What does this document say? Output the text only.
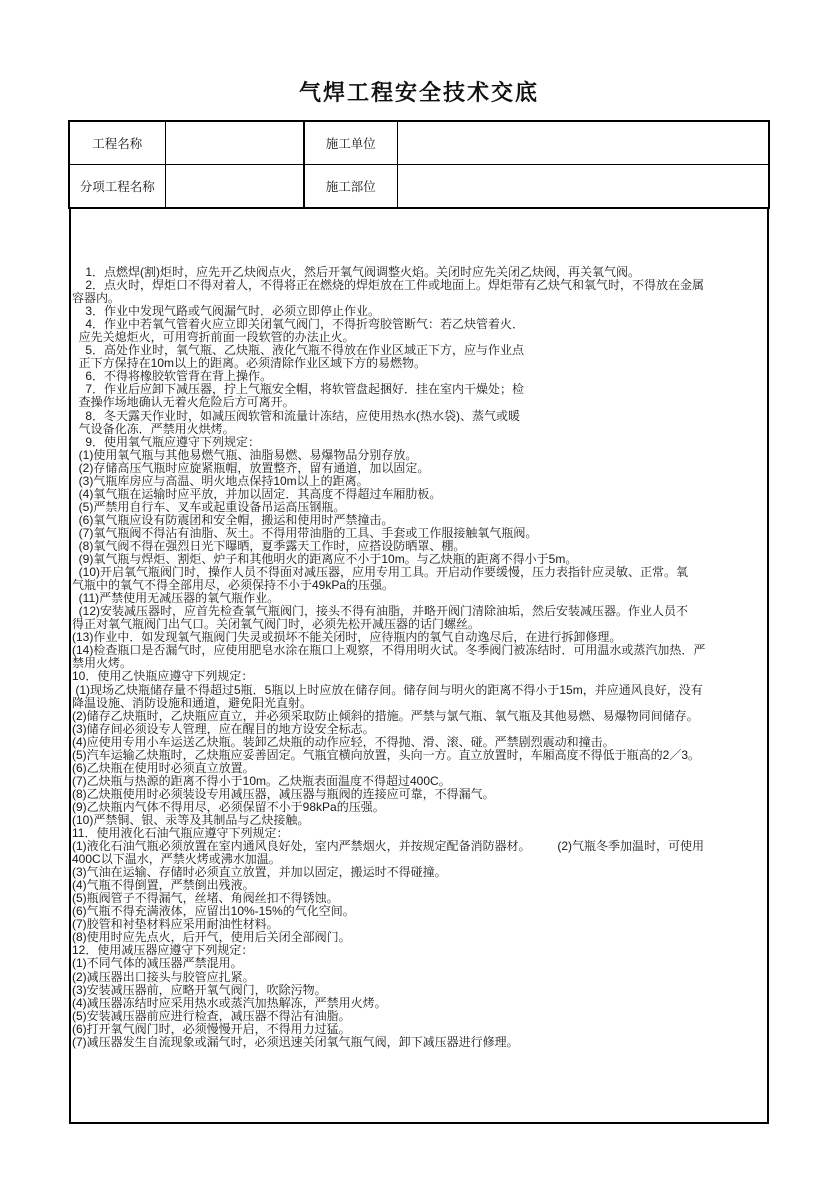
气焊工程安全技术交底
工程名称		施工单位	
分项工程名称		施工部位	
1．点燃焊(割)炬时，应先开乙炔阀点火，然后开氧气阀调整火焰。关闭时应先关闭乙炔阀，再关氧气阀。
2．点火时，焊炬口不得对着人，不得将正在燃烧的焊炬放在工件或地面上。焊炬带有乙炔气和氧气时，不得放在金属
容器内。
3．作业中发现气路或气阀漏气时．必须立即停止作业。
4．作业中若氧气管着火应立即关闭氧气阀门，不得折弯胶管断气：若乙炔管着火．
应先关熄炬火，可用弯折前面一段软管的办法止火。
5．高处作业时，氧气瓶、乙炔瓶、液化气瓶不得放在作业区域正下方，应与作业点
正下方保持在10m以上的距离。必须清除作业区域下方的易燃物。
6．不得将橡胶软管背在背上操作。
7．作业后应卸下减压器，拧上气瓶安全帽，将软管盘起捆好．挂在室内干燥处；检
查操作场地确认无着火危险后方可离开。
8．冬天露天作业时，如减压阀软管和流量计冻结，应使用热水(热水袋)、蒸气或暖
气设备化冻．严禁用火烘烤。
9．使用氧气瓶应遵守下列规定：
(1)使用氧气瓶与其他易燃气瓶、油脂易燃、易爆物品分别存放。
(2)存储高压气瓶时应旋紧瓶帽，放置整齐，留有通道，加以固定。
(3)气瓶库房应与高温、明火地点保持10m以上的距离。
(4)氧气瓶在运输时应平放，并加以固定．其高度不得超过车厢肋板。
(5)严禁用自行车、叉车或起重设备吊运高压钢瓶。
(6)氧气瓶应设有防震团和安全帽，搬运和使用时严禁撞击。
(7)氧气瓶阀不得沾有油脂、灰土。不得用带油脂的工具、手套或工作服接触氧气瓶阀。
(8)氧气阀不得在强烈日光下曝晒，夏季露天工作时，应搭设防晒罩、棚。
(9)氧气瓶与焊炬、割炬、炉子和其他明火的距离应不小于10m。与乙炔瓶的距离不得小于5m。
(10)开启氧气瓶阀门时，操作人员不得面对减压器，应用专用工具。开启动作要缓慢，压力表指针应灵敏、正常。氧
气瓶中的氧气不得全部用尽，必须保持不小于49kPa的压强。
(11)严禁使用无减压器的氧气瓶作业。
(12)安装减压器时，应首先检查氧气瓶阀门，接头不得有油脂，并略开阀门清除油垢，然后安装减压器。作业人员不
得正对氧气瓶阀门出气口。关闭氧气阀门时，必须先松开减压器的话门螺丝。
(13)作业中．如发现氧气瓶阀门失灵或损坏不能关闭时，应待瓶内的氧气自动逸尽后，在进行拆卸修理。
(14)检查瓶口是否漏气时，应使用肥皂水涂在瓶口上观察，不得用明火试。冬季阀门被冻结时．可用温水或蒸汽加热．严
禁用火烤。
10．使用乙快瓶应遵守下列规定：
(1)现场乙炔瓶储存量不得超过5瓶．5瓶以上时应放在储存间。储存间与明火的距离不得小于15m，并应通风良好，没有
降温设施、消防设施和通道，避免阳光直射。
(2)储存乙炔瓶时，乙炔瓶应直立，并必须采取防止倾斜的措施。严禁与氯气瓶、氧气瓶及其他易燃、易爆物同间储存。
(3)储存间必须设专人管理，应在醒目的地方设安全标志。
(4)应使用专用小车运送乙炔瓶。装卸乙炔瓶的动作应轻，不得抛、滑、滚、碰。严禁剧烈震动和撞击。
(5)汽车运输乙炔瓶时，乙炔瓶应妥善固定。气瓶宜横向放置，头向一方。直立放置时，车厢高度不得低于瓶高的2／3。
(6)乙炔瓶在使用时必须直立放置。
(7)乙炔瓶与热源的距离不得小于10m。乙炔瓶表面温度不得超过400C。
(8)乙炔瓶使用时必须装设专用减压器，减压器与瓶阀的连接应可靠，不得漏气。
(9)乙炔瓶内气体不得用尽，必须保留不小于98kPa的压强。
(10)严禁铜、银、汞等及其制品与乙炔接触。
11．使用液化石油气瓶应遵守下列规定：
(1)液化石油气瓶必须放置在室内通风良好处，室内严禁烟火，并按规定配备消防器材。        (2)气瓶冬季加温时，可使用
400C以下温水，严禁火烤或沸水加温。
(3)气油在运输、存储时必须直立放置，并加以固定，搬运时不得碰撞。
(4)气瓶不得倒置，严禁倒出残液。
(5)瓶阀管子不得漏气，丝堵、角阀丝扣不得锈蚀。
(6)气瓶不得充满液体，应留出10%-15%的气化空间。
(7)胶管和衬垫材料应采用耐油性材料。
(8)使用时应先点火，后开气，使用后关闭全部阀门。
12．使用减压器应遵守下列规定：
(1)不同气体的减压器严禁混用。
(2)减压器出口接头与胶管应扎紧。
(3)安装减压器前，应略开氧气阀门，吹除污物。
(4)减压器冻结时应采用热水或蒸汽加热解冻，严禁用火烤。
(5)安装减压器前应进行检查，减压器不得沾有油脂。
(6)打开氧气阀门时，必须慢慢开启，不得用力过猛。
(7)减压器发生自流现象或漏气时，必须迅速关闭氧气瓶气阀，卸下减压器进行修理。
